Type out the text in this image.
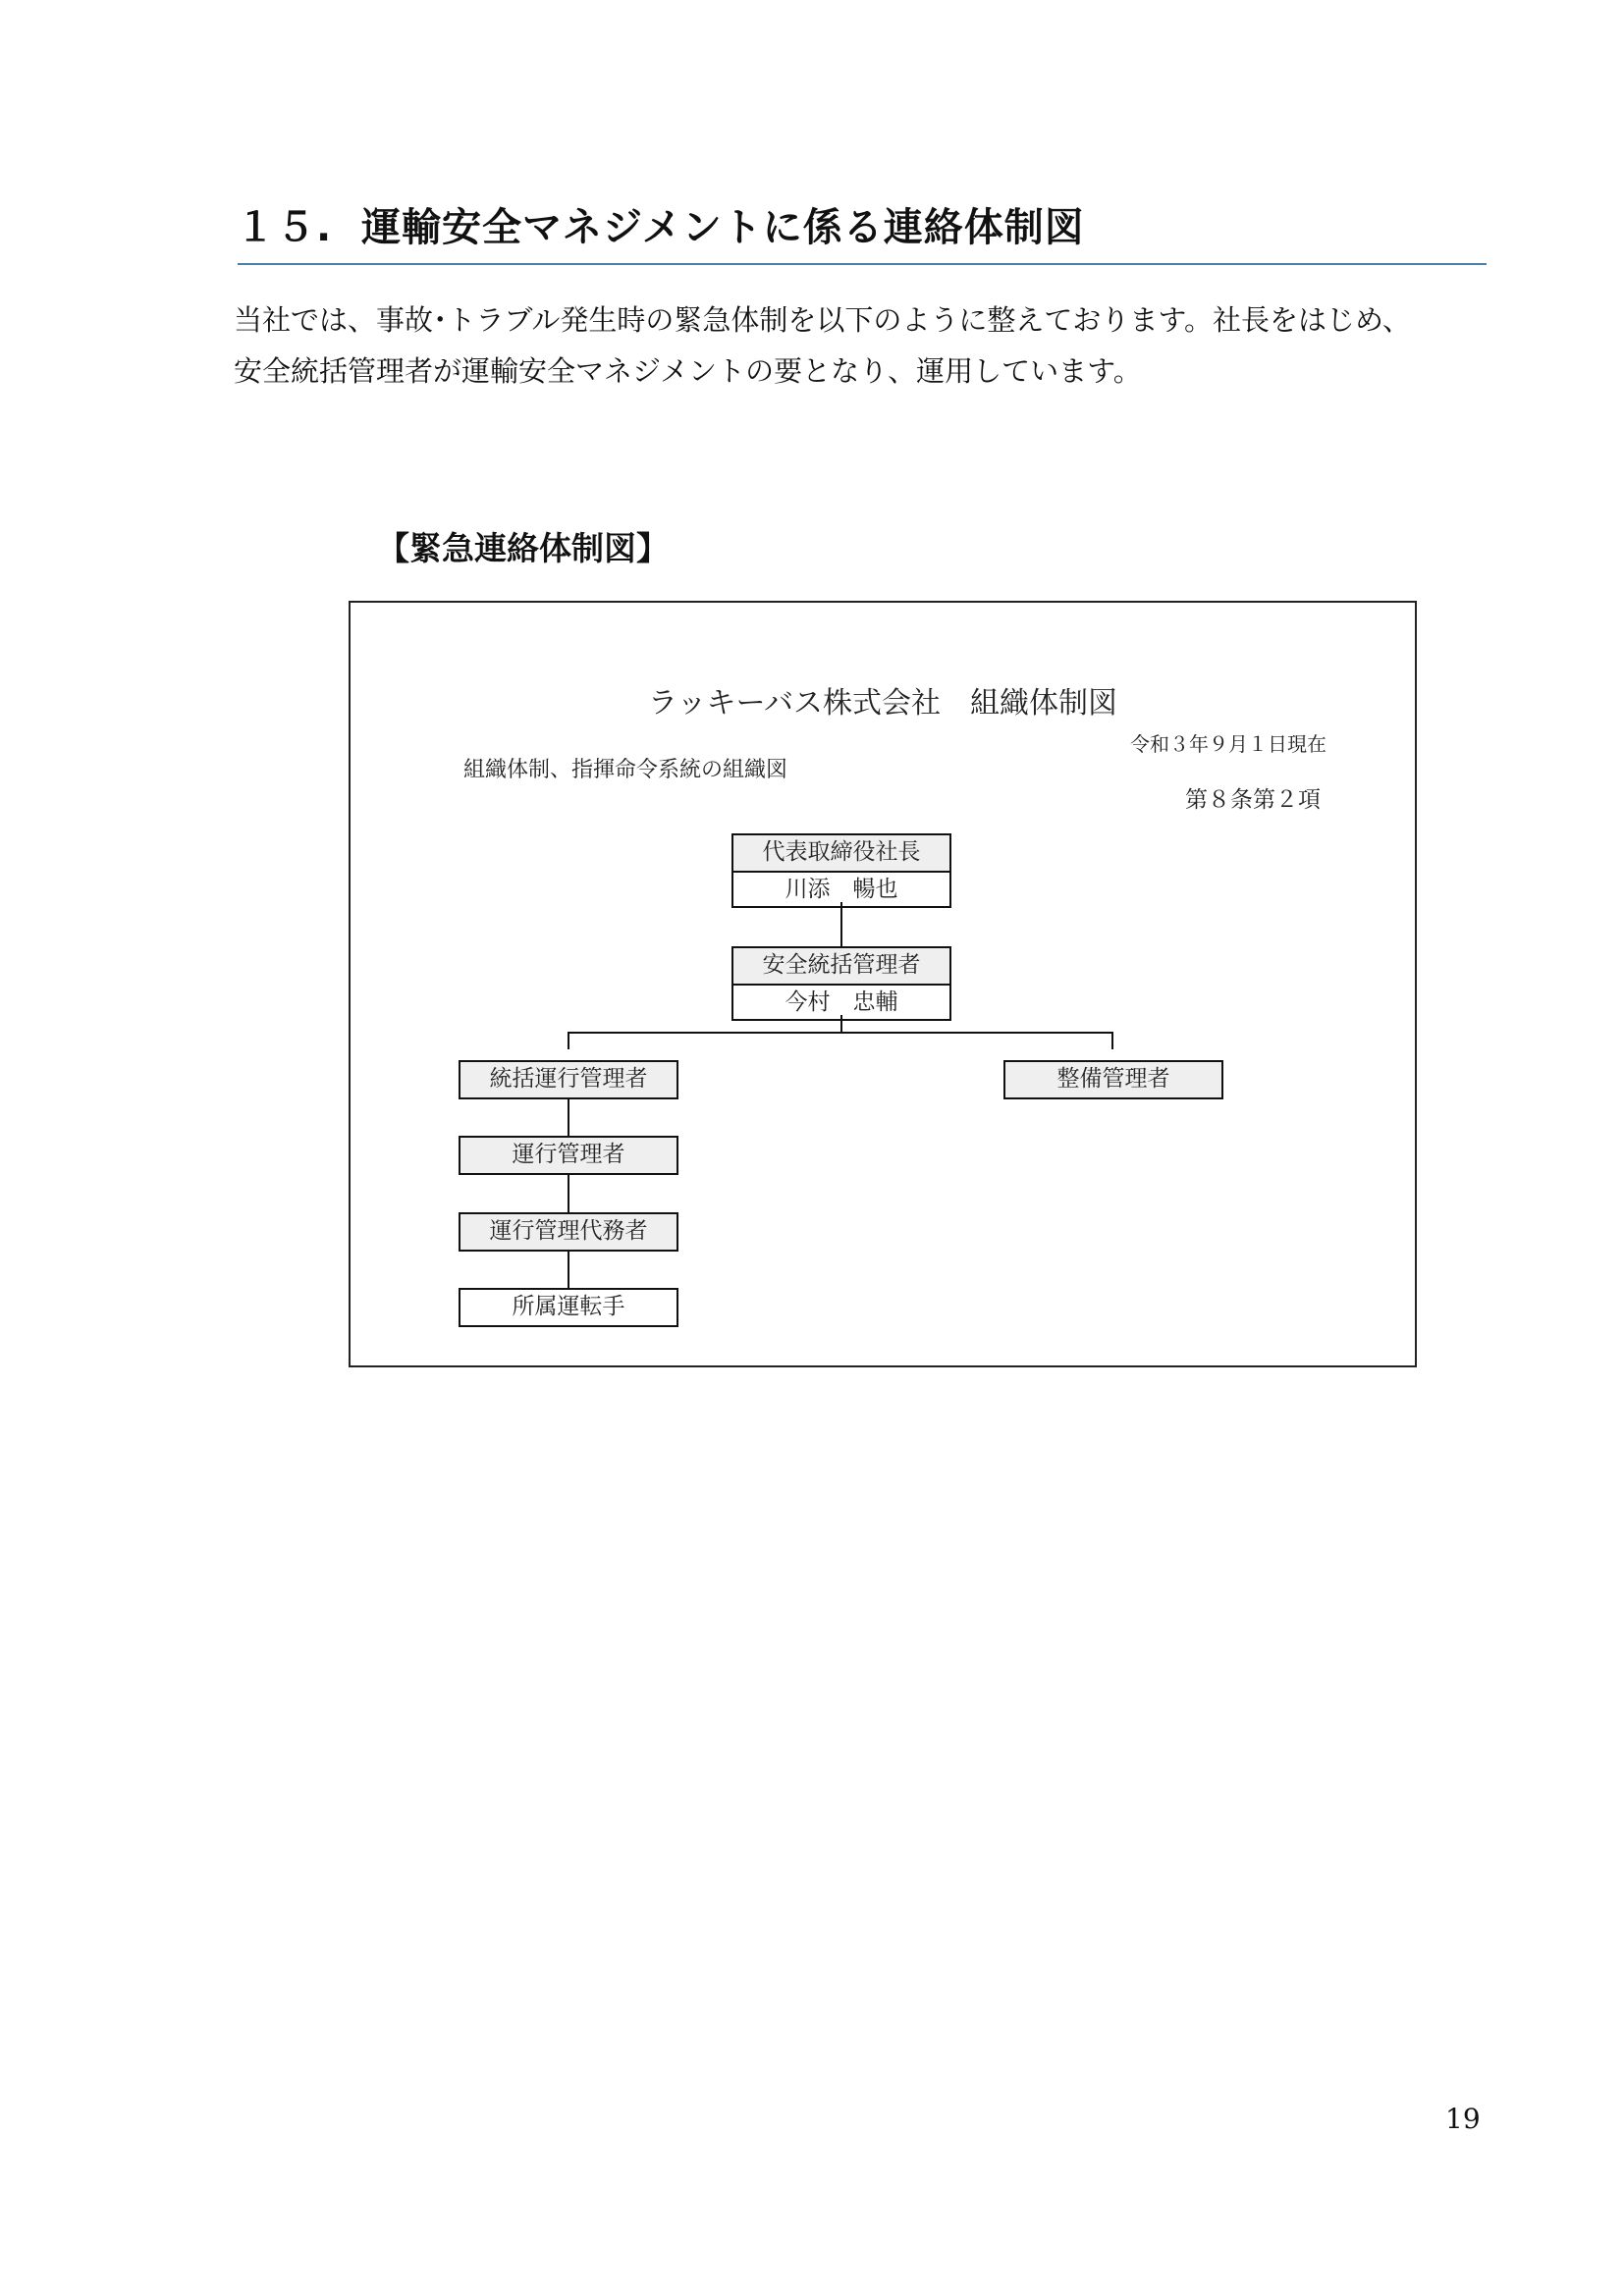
１５. 運輸安全マネジメントに係る連絡体制図

当社では、事故･トラブル発生時の緊急体制を以下のように整えております。社長をはじめ、

安全統括管理者が運輸安全マネジメントの要となり、運用しています。

【緊急連絡体制図】
ラッキーバス株式会社　組織体制図
令和３年９月１日現在
組織体制、指揮命令系統の組織図
第８条第２項
代表取締役社長
川添　暢也
安全統括管理者
今村　忠輔
統括運行管理者	整備管理者
運行管理者
運行管理代務者
所属運転手
19
